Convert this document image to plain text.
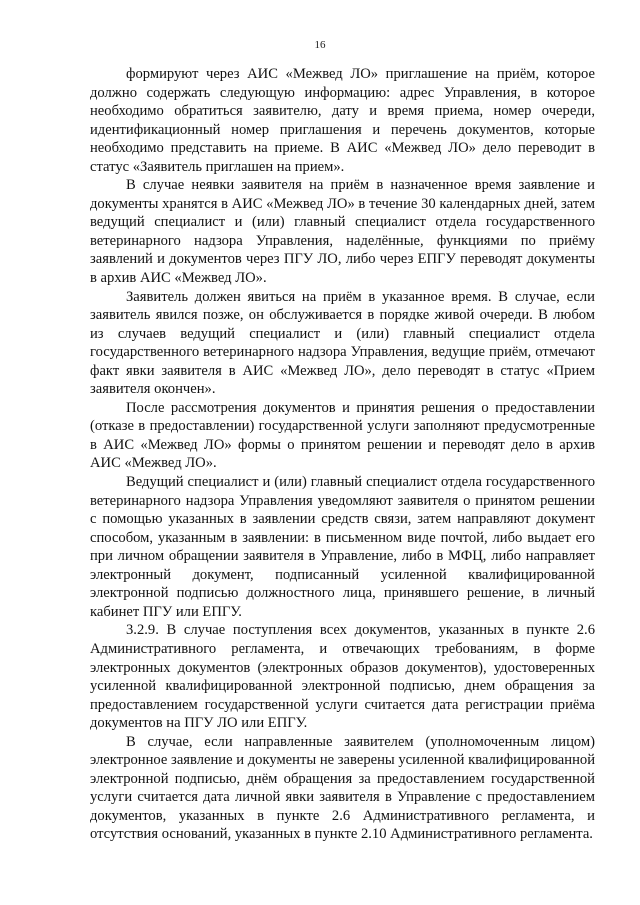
16

формируют через АИС «Межвед ЛО» приглашение на приём, которое должно содержать следующую информацию: адрес Управления, в которое необходимо обратиться заявителю, дату и время приема, номер очереди, идентификационный номер приглашения и перечень документов, которые необходимо представить на приеме. В АИС «Межвед ЛО» дело переводит в статус «Заявитель приглашен на прием».

В случае неявки заявителя на приём в назначенное время заявление и документы хранятся в АИС «Межвед ЛО» в течение 30 календарных дней, затем ведущий специалист и (или) главный специалист отдела государственного ветеринарного надзора Управления, наделённые, функциями по приёму заявлений и документов через ПГУ ЛО, либо через ЕПГУ переводят документы в архив АИС «Межвед ЛО».

Заявитель должен явиться на приём в указанное время. В случае, если заявитель явился позже, он обслуживается в порядке живой очереди. В любом из случаев ведущий специалист и (или) главный специалист отдела государственного ветеринарного надзора Управления, ведущие приём, отмечают факт явки заявителя в АИС «Межвед ЛО», дело переводят в статус «Прием заявителя окончен».

После рассмотрения документов и принятия решения о предоставлении (отказе в предоставлении) государственной услуги заполняют предусмотренные в АИС «Межвед ЛО» формы о принятом решении и переводят дело в архив АИС «Межвед ЛО».

Ведущий специалист и (или) главный специалист отдела государственного ветеринарного надзора Управления уведомляют заявителя о принятом решении с помощью указанных в заявлении средств связи, затем направляют документ способом, указанным в заявлении: в письменном виде почтой, либо выдает его при личном обращении заявителя в Управление, либо в МФЦ, либо направляет электронный документ, подписанный усиленной квалифицированной электронной подписью должностного лица, принявшего решение, в личный кабинет ПГУ или ЕПГУ.

3.2.9. В случае поступления всех документов, указанных в пункте 2.6 Административного регламента, и отвечающих требованиям, в форме электронных документов (электронных образов документов), удостоверенных усиленной квалифицированной электронной подписью, днем обращения за предоставлением государственной услуги считается дата регистрации приёма документов на ПГУ ЛО или ЕПГУ.

В случае, если направленные заявителем (уполномоченным лицом) электронное заявление и документы не заверены усиленной квалифицированной электронной подписью, днём обращения за предоставлением государственной услуги считается дата личной явки заявителя в Управление с предоставлением документов, указанных в пункте 2.6 Административного регламента, и отсутствия оснований, указанных в пункте 2.10 Административного регламента.
